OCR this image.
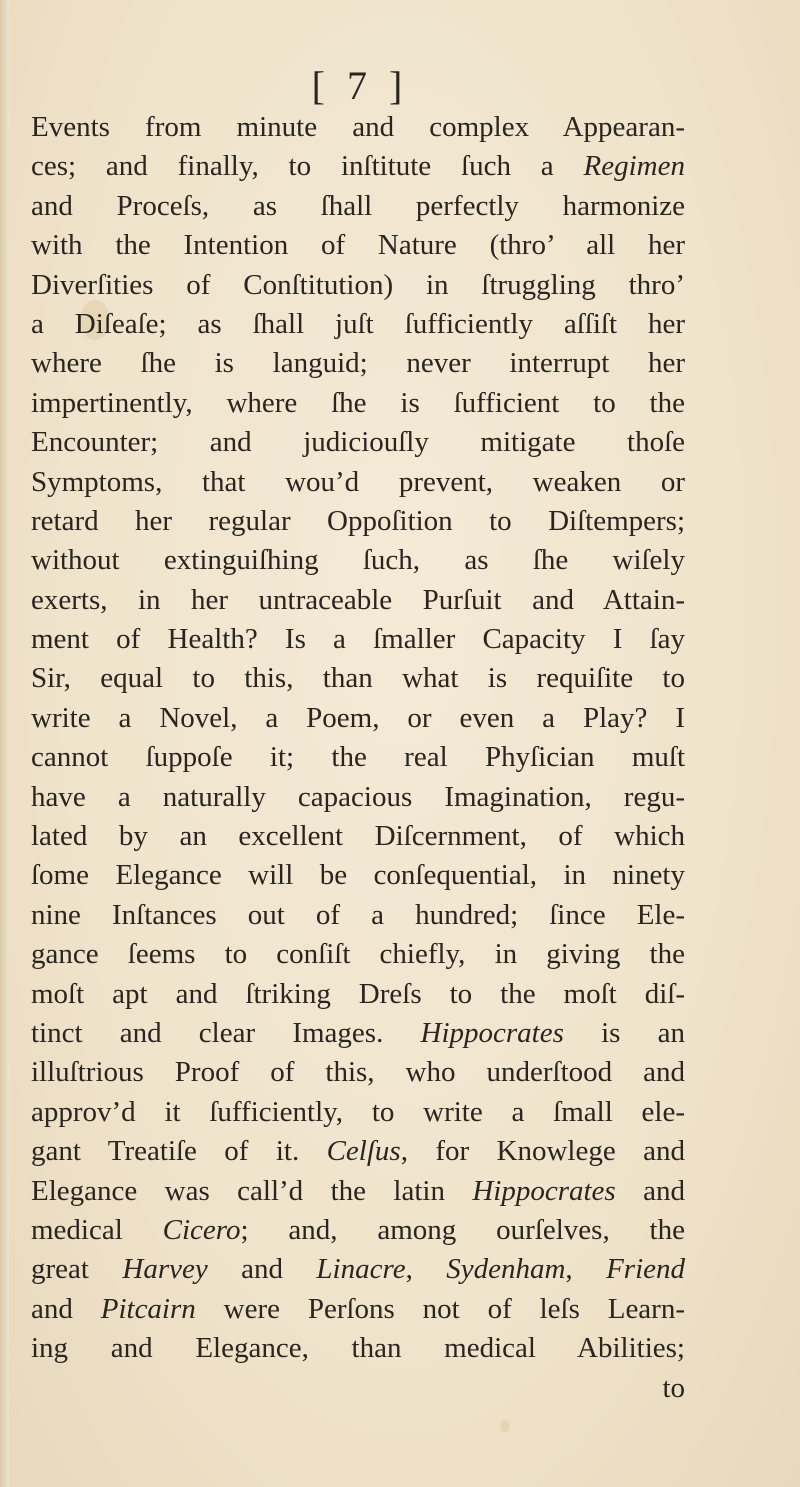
[ 7 ]
Events from minute and complex Appearan-
ces; and finally, to inſtitute ſuch a Regimen
and Proceſs, as ſhall perfectly harmonize
with the Intention of Nature (thro’ all her
Diverſities of Conſtitution) in ſtruggling thro’
a Diſeaſe; as ſhall juſt ſufficiently aſſiſt her
where ſhe is languid; never interrupt her
impertinently, where ſhe is ſufficient to the
Encounter; and judiciouſly mitigate thoſe
Symptoms, that wou’d prevent, weaken or
retard her regular Oppoſition to Diſtempers;
without extinguiſhing ſuch, as ſhe wiſely
exerts, in her untraceable Purſuit and Attain-
ment of Health? Is a ſmaller Capacity I ſay
Sir, equal to this, than what is requiſite to
write a Novel, a Poem, or even a Play? I
cannot ſuppoſe it; the real Phyſician muſt
have a naturally capacious Imagination, regu-
lated by an excellent Diſcernment, of which
ſome Elegance will be conſequential, in ninety
nine Inſtances out of a hundred; ſince Ele-
gance ſeems to conſiſt chiefly, in giving the
moſt apt and ſtriking Dreſs to the moſt diſ-
tinct and clear Images. Hippocrates is an
illuſtrious Proof of this, who underſtood and
approv’d it ſufficiently, to write a ſmall ele-
gant Treatiſe of it. Celſus, for Knowlege and
Elegance was call’d the latin Hippocrates and
medical Cicero; and, among ourſelves, the
great Harvey and Linacre, Sydenham, Friend
and Pitcairn were Perſons not of leſs Learn-
ing and Elegance, than medical Abilities;
to
